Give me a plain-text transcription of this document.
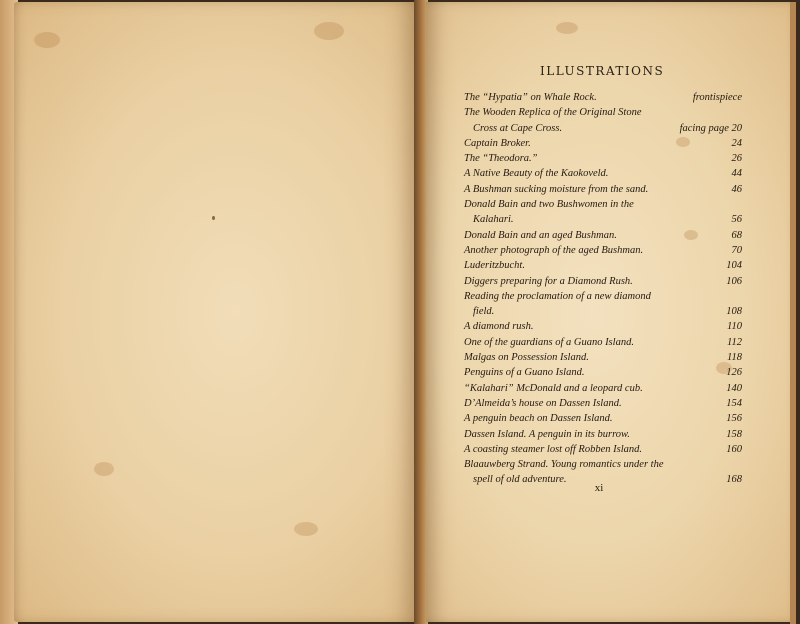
ILLUSTRATIONS
The “Hypatia” on Whale Rock.	frontispiece
The Wooden Replica of the Original Stone
Cross at Cape Cross.	facing page 20
Captain Broker.	24
The “Theodora.”	26
A Native Beauty of the Kaokoveld.	44
A Bushman sucking moisture from the sand.	46
Donald Bain and two Bushwomen in the
Kalahari.	56
Donald Bain and an aged Bushman.	68
Another photograph of the aged Bushman.	70
Luderitzbucht.	104
Diggers preparing for a Diamond Rush.	106
Reading the proclamation of a new diamond
field.	108
A diamond rush.	110
One of the guardians of a Guano Island.	112
Malgas on Possession Island.	118
Penguins of a Guano Island.	126
“Kalahari” McDonald and a leopard cub.	140
D’Almeida’s house on Dassen Island.	154
A penguin beach on Dassen Island.	156
Dassen Island. A penguin in its burrow.	158
A coasting steamer lost off Robben Island.	160
Blaauwberg Strand. Young romantics under the
spell of old adventure.	168
xi
